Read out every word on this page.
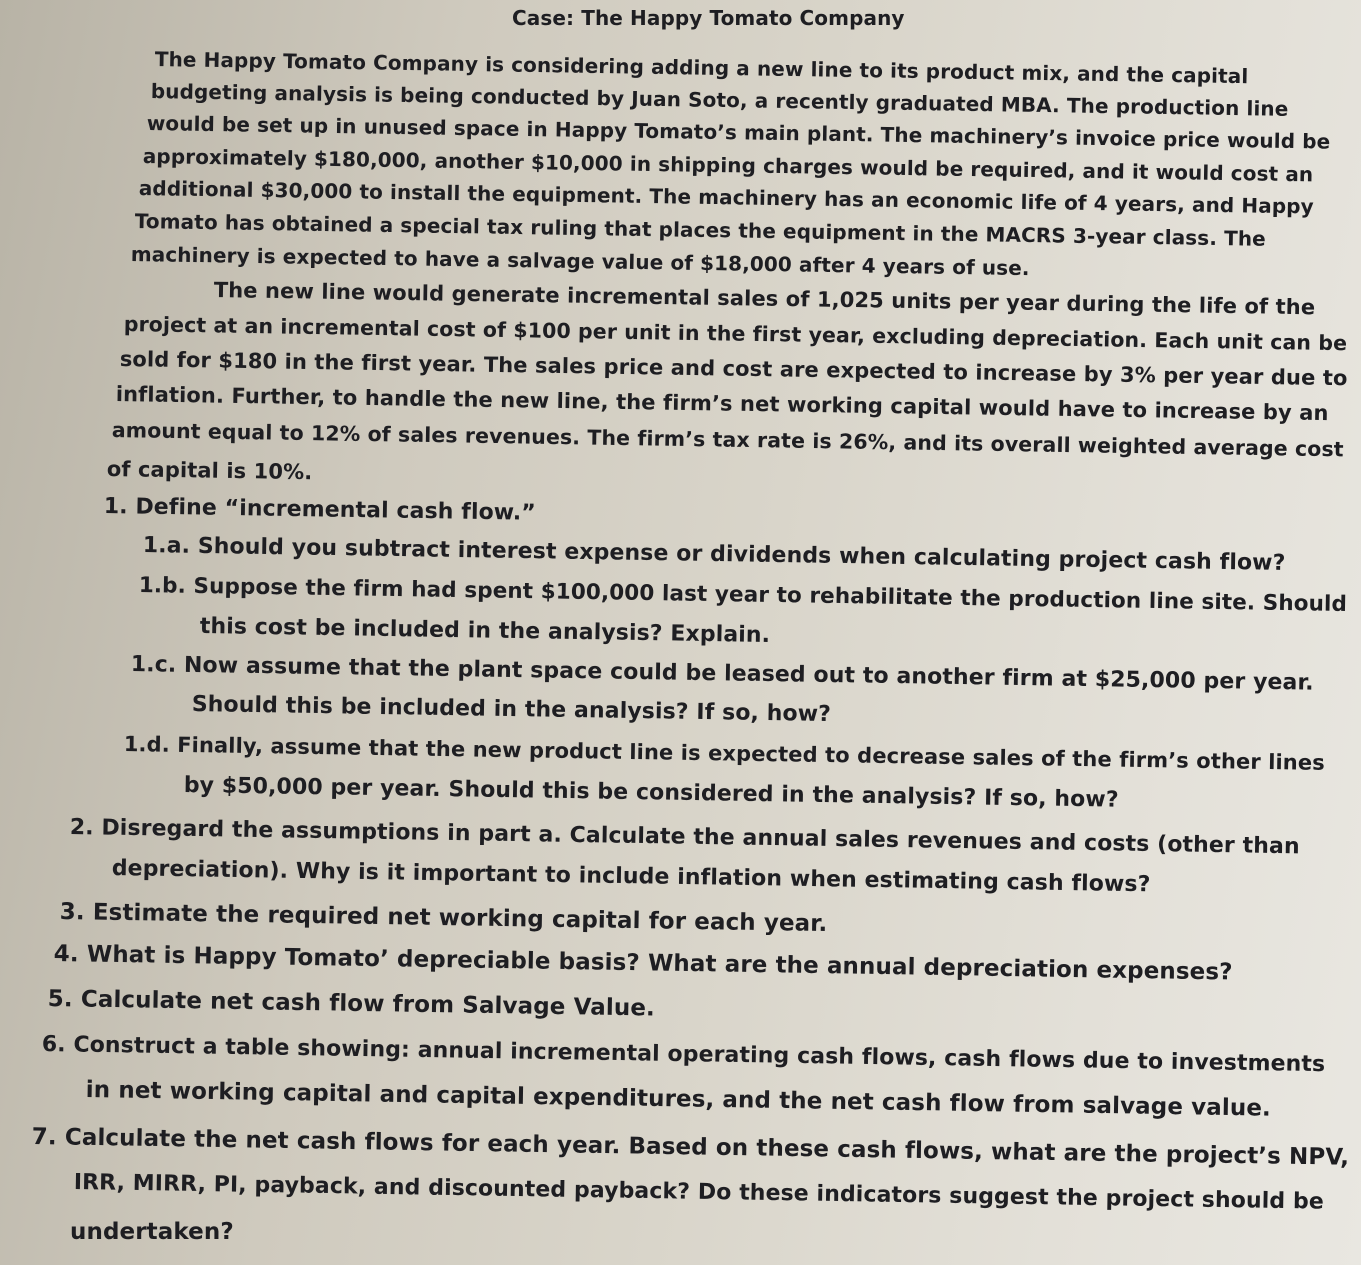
Case: The Happy Tomato Company
The Happy Tomato Company is considering adding a new line to its product mix, and the capital
budgeting analysis is being conducted by Juan Soto, a recently graduated MBA. The production line
would be set up in unused space in Happy Tomato’s main plant. The machinery’s invoice price would be
approximately $180,000, another $10,000 in shipping charges would be required, and it would cost an
additional $30,000 to install the equipment. The machinery has an economic life of 4 years, and Happy
Tomato has obtained a special tax ruling that places the equipment in the MACRS 3-year class. The
machinery is expected to have a salvage value of $18,000 after 4 years of use.
The new line would generate incremental sales of 1,025 units per year during the life of the
project at an incremental cost of $100 per unit in the first year, excluding depreciation. Each unit can be
sold for $180 in the first year. The sales price and cost are expected to increase by 3% per year due to
inflation. Further, to handle the new line, the firm’s net working capital would have to increase by an
amount equal to 12% of sales revenues. The firm’s tax rate is 26%, and its overall weighted average cost
of capital is 10%.
1. Define “incremental cash flow.”
1.a. Should you subtract interest expense or dividends when calculating project cash flow?
1.b. Suppose the firm had spent $100,000 last year to rehabilitate the production line site. Should
this cost be included in the analysis? Explain.
1.c. Now assume that the plant space could be leased out to another firm at $25,000 per year.
Should this be included in the analysis? If so, how?
1.d. Finally, assume that the new product line is expected to decrease sales of the firm’s other lines
by $50,000 per year. Should this be considered in the analysis? If so, how?
2. Disregard the assumptions in part a. Calculate the annual sales revenues and costs (other than
depreciation). Why is it important to include inflation when estimating cash flows?
3. Estimate the required net working capital for each year.
4. What is Happy Tomato’ depreciable basis? What are the annual depreciation expenses?
5. Calculate net cash flow from Salvage Value.
6. Construct a table showing: annual incremental operating cash flows, cash flows due to investments
in net working capital and capital expenditures, and the net cash flow from salvage value.
7. Calculate the net cash flows for each year. Based on these cash flows, what are the project’s NPV,
IRR, MIRR, PI, payback, and discounted payback? Do these indicators suggest the project should be
undertaken?
